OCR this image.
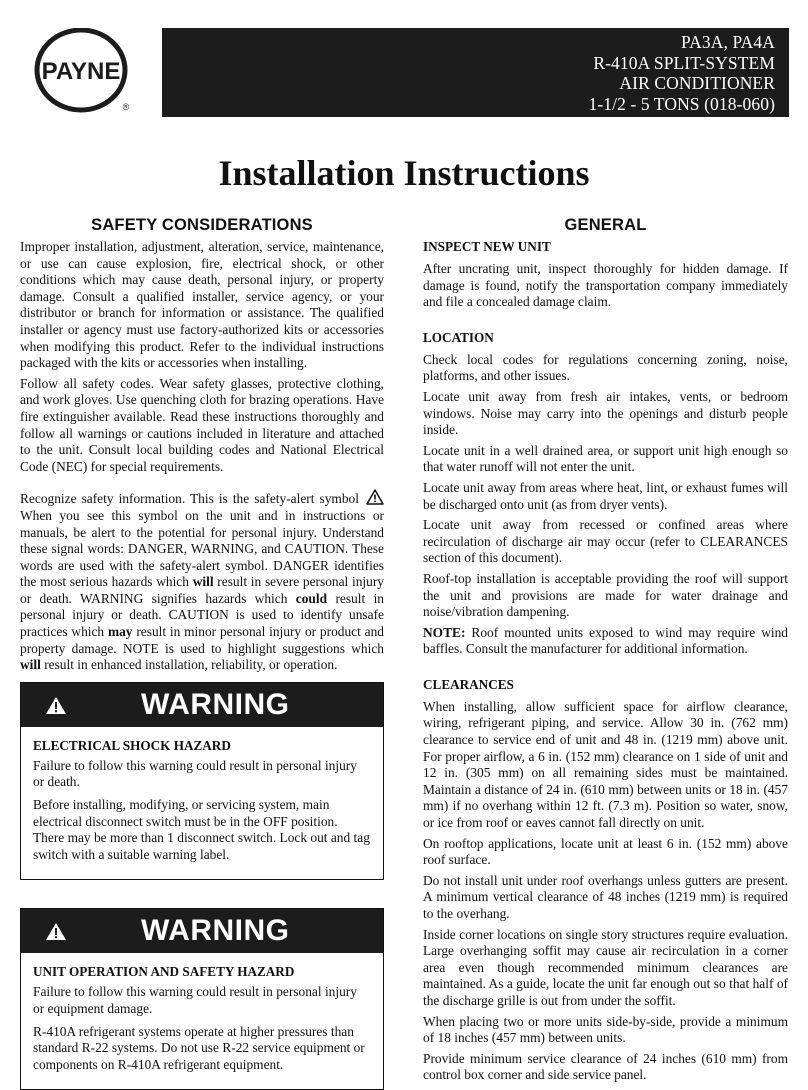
PAYNE
®
PA3A, PA4A
R-410A SPLIT-SYSTEM
AIR CONDITIONER
1-1/2 - 5 TONS (018-060)
Installation Instructions
SAFETY CONSIDERATIONS

Improper installation, adjustment, alteration, service, maintenance, or use can cause explosion, fire, electrical shock, or other conditions which may cause death, personal injury, or property damage. Consult a qualified installer, service agency, or your distributor or branch for information or assistance. The qualified installer or agency must use factory-authorized kits or accessories when modifying this product. Refer to the individual instructions packaged with the kits or accessories when installing.

Follow all safety codes. Wear safety glasses, protective clothing, and work gloves. Use quenching cloth for brazing operations. Have fire extinguisher available. Read these instructions thoroughly and follow all warnings or cautions included in literature and attached to the unit. Consult local building codes and National Electrical Code (NEC) for special requirements.

Recognize safety information. This is the safety-alert symbol  When you see this symbol on the unit and in instructions or manuals, be alert to the potential for personal injury. Understand these signal words: DANGER, WARNING, and CAUTION. These words are used with the safety-alert symbol. DANGER identifies the most serious hazards which will result in severe personal injury or death. WARNING signifies hazards which could result in personal injury or death. CAUTION is used to identify unsafe practices which may result in minor personal injury or product and property damage. NOTE is used to highlight suggestions which will result in enhanced installation, reliability, or operation.

WARNING
ELECTRICAL SHOCK HAZARD

Failure to follow this warning could result in personal injury or death.

Before installing, modifying, or servicing system, main electrical disconnect switch must be in the OFF position. There may be more than 1 disconnect switch. Lock out and tag switch with a suitable warning label.

WARNING
UNIT OPERATION AND SAFETY HAZARD

Failure to follow this warning could result in personal injury or equipment damage.

R-410A refrigerant systems operate at higher pressures than standard R-22 systems. Do not use R-22 service equipment or components on R-410A refrigerant equipment.

GENERAL
INSPECT NEW UNIT

After uncrating unit, inspect thoroughly for hidden damage. If damage is found, notify the transportation company immediately and file a concealed damage claim.

LOCATION

Check local codes for regulations concerning zoning, noise, platforms, and other issues.

Locate unit away from fresh air intakes, vents, or bedroom windows. Noise may carry into the openings and disturb people inside.

Locate unit in a well drained area, or support unit high enough so that water runoff will not enter the unit.

Locate unit away from areas where heat, lint, or exhaust fumes will be discharged onto unit (as from dryer vents).

Locate unit away from recessed or confined areas where recirculation of discharge air may occur (refer to CLEARANCES section of this document).

Roof-top installation is acceptable providing the roof will support the unit and provisions are made for water drainage and noise/vibration dampening.

NOTE: Roof mounted units exposed to wind may require wind baffles. Consult the manufacturer for additional information.

CLEARANCES

When installing, allow sufficient space for airflow clearance, wiring, refrigerant piping, and service. Allow 30 in. (762 mm) clearance to service end of unit and 48 in. (1219 mm) above unit. For proper airflow, a 6 in. (152 mm) clearance on 1 side of unit and 12 in. (305 mm) on all remaining sides must be maintained. Maintain a distance of 24 in. (610 mm) between units or 18 in. (457 mm) if no overhang within 12 ft. (7.3 m). Position so water, snow, or ice from roof or eaves cannot fall directly on unit.

On rooftop applications, locate unit at least 6 in. (152 mm) above roof surface.

Do not install unit under roof overhangs unless gutters are present. A minimum vertical clearance of 48 inches (1219 mm) is required to the overhang.

Inside corner locations on single story structures require evaluation. Large overhanging soffit may cause air recirculation in a corner area even though recommended minimum clearances are maintained. As a guide, locate the unit far enough out so that half of the discharge grille is out from under the soffit.

When placing two or more units side-by-side, provide a minimum of 18 inches (457 mm) between units.

Provide minimum service clearance of 24 inches (610 mm) from control box corner and side service panel.
